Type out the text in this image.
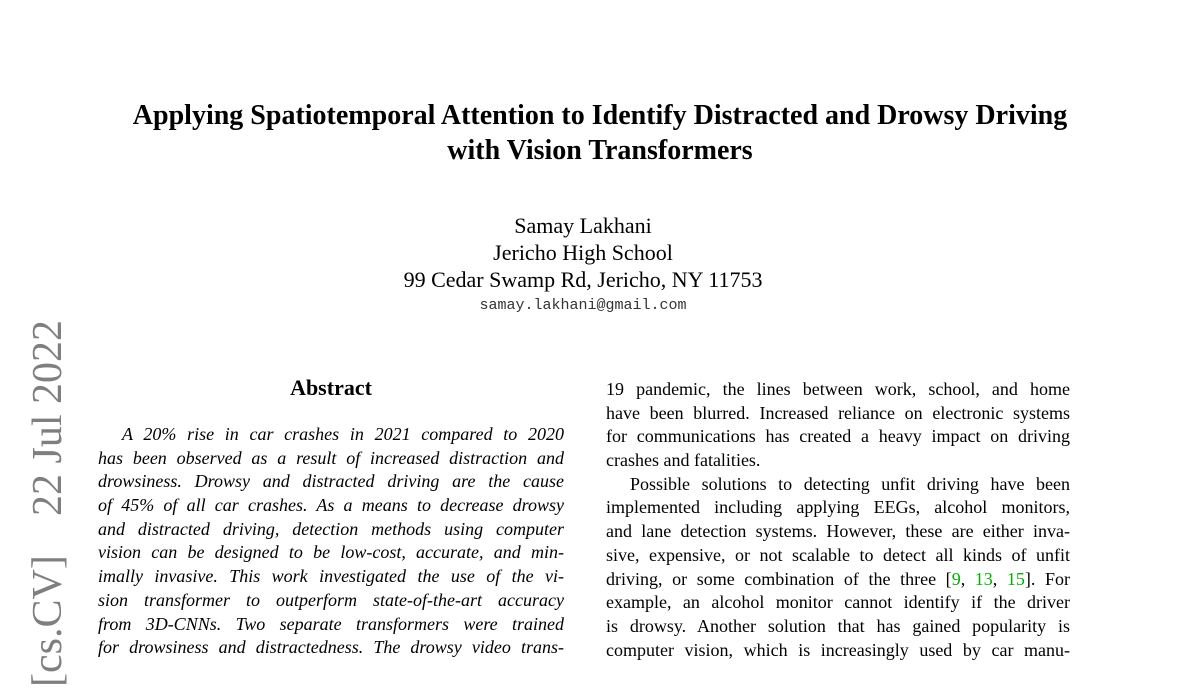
[cs.CV]  22 Jul 2022
Applying Spatiotemporal Attention to Identify Distracted and Drowsy Driving
with Vision Transformers
Samay Lakhani
Jericho High School
99 Cedar Swamp Rd, Jericho, NY 11753
samay.lakhani@gmail.com
Abstract
A 20% rise in car crashes in 2021 compared to 2020
has been observed as a result of increased distraction and
drowsiness. Drowsy and distracted driving are the cause
of 45% of all car crashes. As a means to decrease drowsy
and distracted driving, detection methods using computer
vision can be designed to be low-cost, accurate, and min-
imally invasive. This work investigated the use of the vi-
sion transformer to outperform state-of-the-art accuracy
from 3D-CNNs. Two separate transformers were trained
for drowsiness and distractedness. The drowsy video trans-
19 pandemic, the lines between work, school, and home
have been blurred. Increased reliance on electronic systems
for communications has created a heavy impact on driving
crashes and fatalities.
Possible solutions to detecting unfit driving have been
implemented including applying EEGs, alcohol monitors,
and lane detection systems. However, these are either inva-
sive, expensive, or not scalable to detect all kinds of unfit
driving, or some combination of the three [9, 13, 15]. For
example, an alcohol monitor cannot identify if the driver
is drowsy. Another solution that has gained popularity is
computer vision, which is increasingly used by car manu-
